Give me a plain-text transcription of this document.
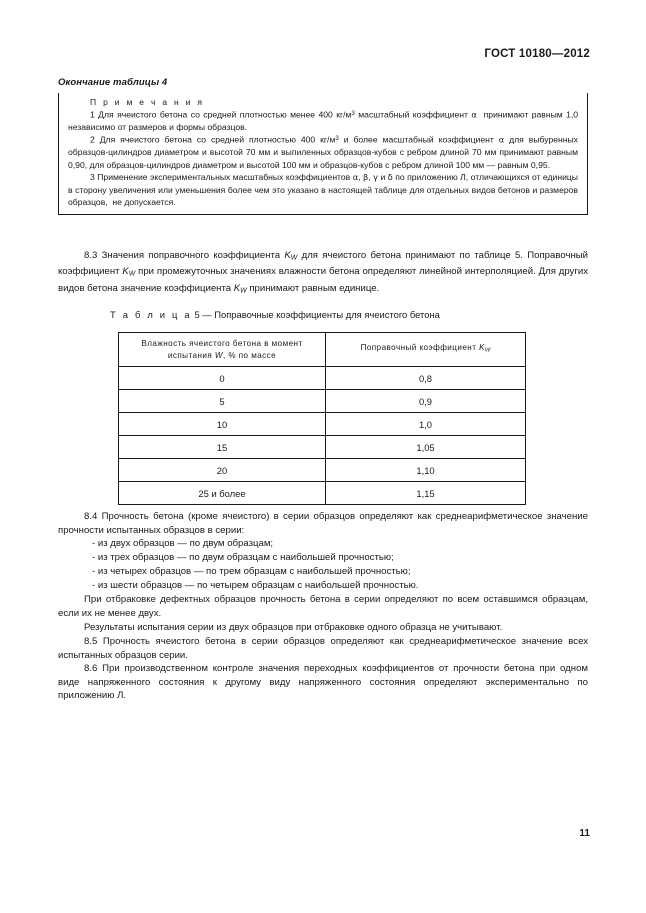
ГОСТ 10180—2012
Окончание таблицы 4
П р и м е ч а н и я

1 Для ячеистого бетона со средней плотностью менее 400 $кг/м^3$ масштабный коэффициент α  принимают равным 1,0 независимо от размеров и формы образцов.

2 Для ячеистого бетона со средней плотностью 400 $кг/м^3$ и более масштабный коэффициент α для выбуренных образцов-цилиндров диаметром и высотой 70 мм и выпиленных образцов-кубов с ребром длиной 70 мм принимают равным 0,90, для образцов-цилиндров диаметром и высотой 100 мм и образцов-кубов с ребром длиной 100 мм — равным 0,95.

3 Применение экспериментальных масштабных коэффициентов α, β, γ и δ по приложению Л, отличающихся от единицы в сторону увеличения или уменьшения более чем это указано в настоящей таблице для отдельных видов бетонов и размеров образцов,  не допускается.

8.3 Значения поправочного коэффициента $K_W$ для ячеистого бетона принимают по таблице 5. Поправочный коэффициент $K_W$ при промежуточных значениях влажности бетона определяют линейной интерполяцией. Для других видов бетона значение коэффициента $K_W$ принимают равным единице.

Т а б л и ц а 5 — Поправочные коэффициенты для ячеистого бетона
Влажность ячеистого бетона в момент
испытания W, % по массе	Поправочный коэффициент $K_W$
0	0,8
5	0,9
10	1,0
15	1,05
20	1,10
25 и более	1,15

8.4 Прочность бетона (кроме ячеистого) в серии образцов определяют как среднеарифметическое значение прочности испытанных образцов в серии:

- из двух образцов — по двум образцам;

- из трех образцов — по двум образцам с наибольшей прочностью;

- из четырех образцов — по трем образцам с наибольшей прочностью;

- из шести образцов — по четырем образцам с наибольшей прочностью.

При отбраковке дефектных образцов прочность бетона в серии определяют по всем оставшимся образцам, если их не менее двух.

Результаты испытания серии из двух образцов при отбраковке одного образца не учитывают.

8.5 Прочность ячеистого бетона в серии образцов определяют как среднеарифметическое значение всех испытанных образцов серии.

8.6 При производственном контроле значения переходных коэффициентов от прочности бетона при одном виде напряженного состояния к другому виду напряженного состояния определяют экспериментально по приложению Л.

11
